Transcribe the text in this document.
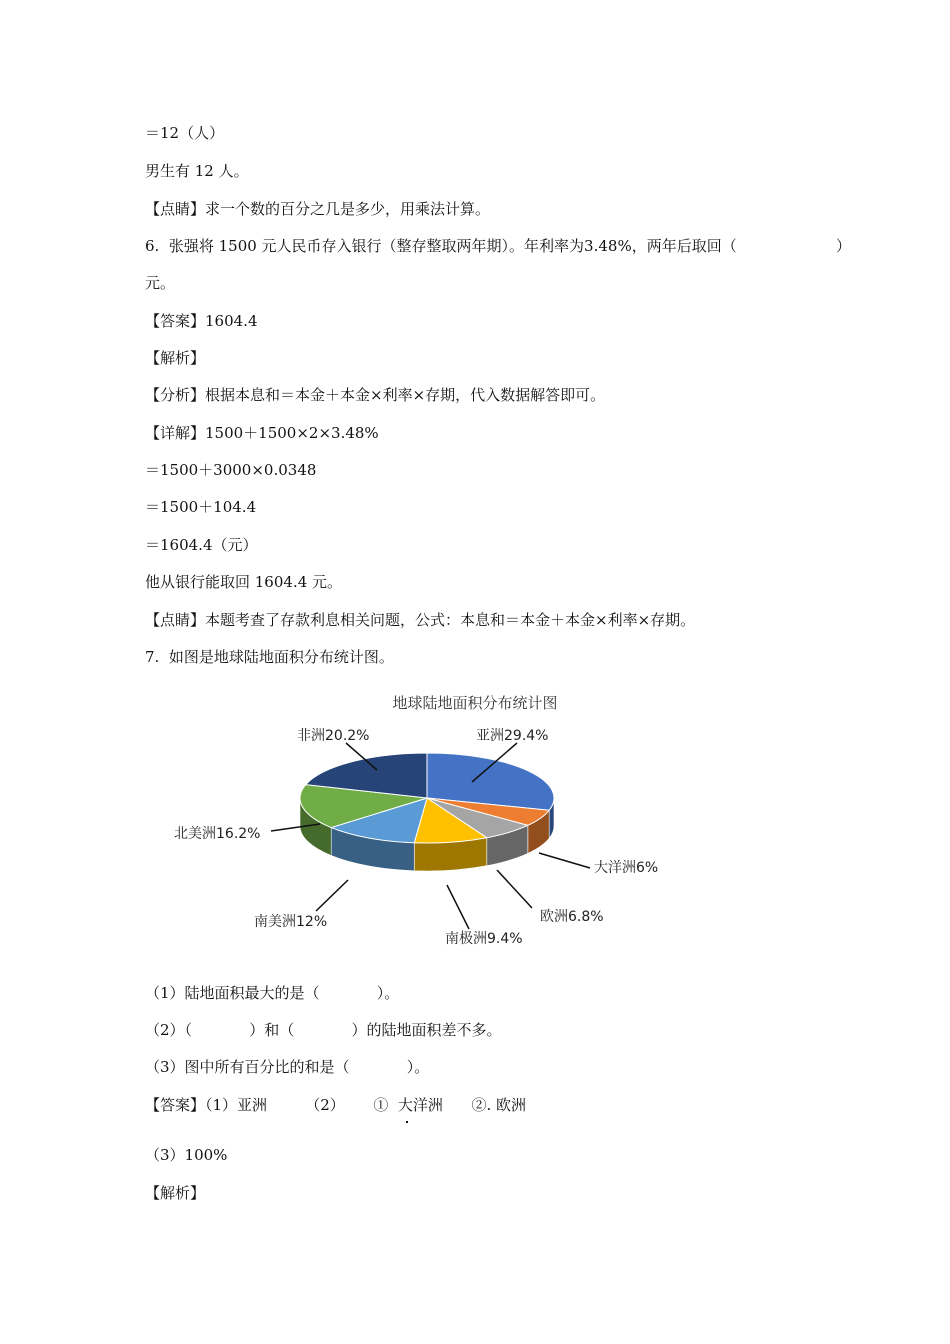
＝12（人）
男生有 12 人。
【点睛】求一个数的百分之几是多少，用乘法计算。
6.  张强将 1500 元人民币存入银行（整存整取两年期）。年利率为3.48%，两年后取回（	）
元。
【答案】1604.4
【解析】
【分析】根据本息和＝本金＋本金×利率×存期，代入数据解答即可。
【详解】1500＋1500×2×3.48%
＝1500＋3000×0.0348
＝1500＋104.4
＝1604.4（元）
他从银行能取回 1604.4 元。
【点睛】本题考查了存款利息相关问题，公式：本息和＝本金＋本金×利率×存期。
7.  如图是地球陆地面积分布统计图。
地球陆地面积分布统计图
亚洲29.4%
大洋洲6%
欧洲6.8%
南极洲9.4%
南美洲12%
北美洲16.2%
非洲20.2%
（1）陆地面积最大的是（            ）。
（2）（            ）和（            ）的陆地面积差不多。
（3）图中所有百分比的和是（            ）。
【答案】（1）亚洲        （2）      ①  大洋洲      ②. 欧洲
（3）100%
【解析】
